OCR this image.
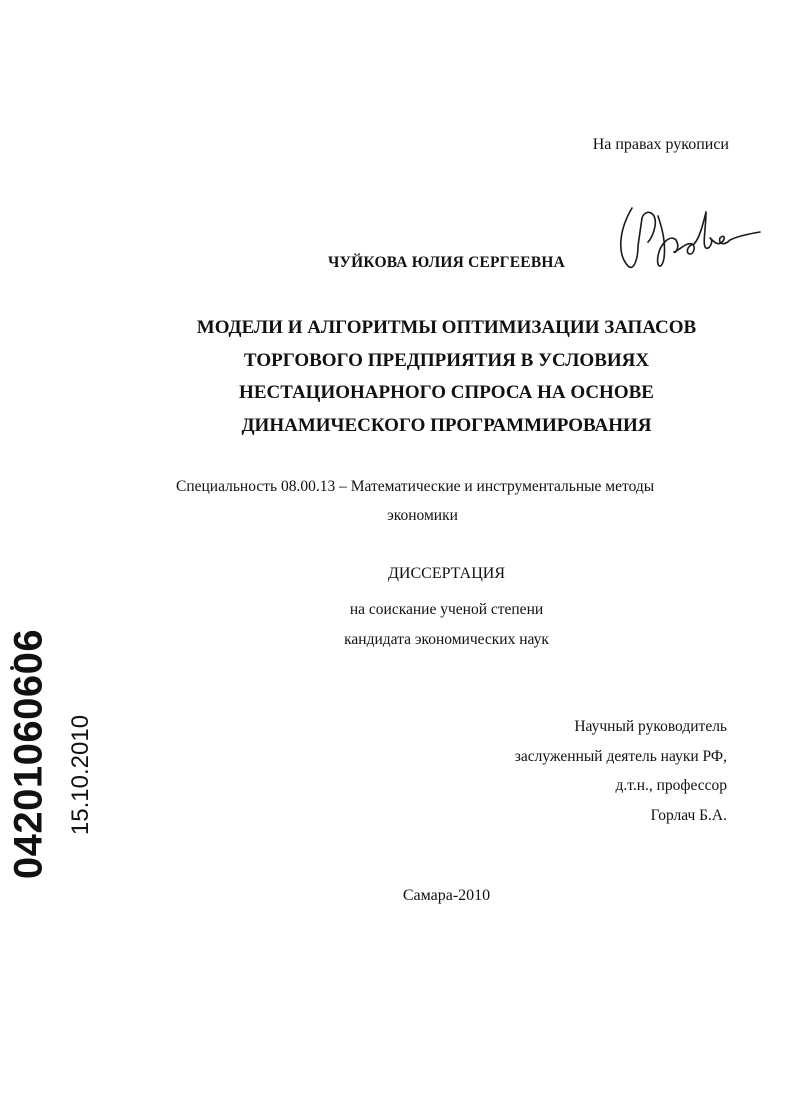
На правах рукописи
ЧУЙКОВА ЮЛИЯ СЕРГЕЕВНА
МОДЕЛИ И АЛГОРИТМЫ ОПТИМИЗАЦИИ ЗАПАСОВ
ТОРГОВОГО ПРЕДПРИЯТИЯ В УСЛОВИЯХ
НЕСТАЦИОНАРНОГО СПРОСА НА ОСНОВЕ
ДИНАМИЧЕСКОГО ПРОГРАММИРОВАНИЯ
Специальность 08.00.13 – Математические и инструментальные методы
экономики
ДИССЕРТАЦИЯ
на соискание ученой степени
кандидата экономических наук
Научный руководитель
заслуженный деятель науки РФ,
д.т.н., профессор
Горлач Б.А.
Самара-2010
04201060606 15.10.2010
